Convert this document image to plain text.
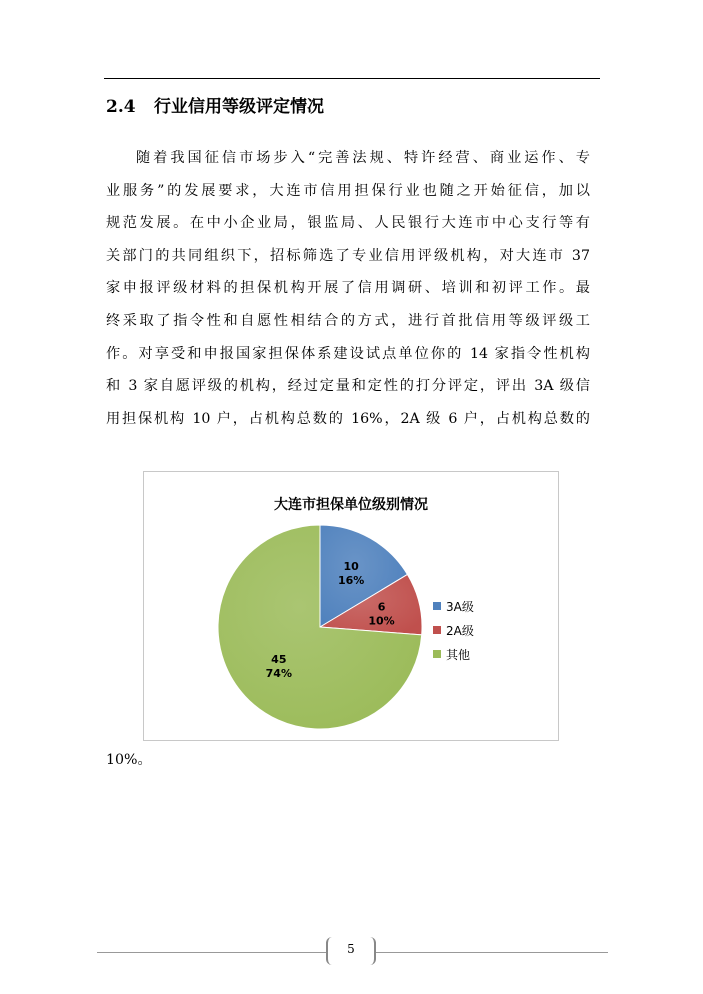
2.4 行业信用等级评定情况
随着我国征信市场步入“完善法规、特许经营、商业运作、专
业服务”的发展要求，大连市信用担保行业也随之开始征信，加以
规范发展。在中小企业局，银监局、人民银行大连市中心支行等有
关部门的共同组织下，招标筛选了专业信用评级机构，对大连市 37
家申报评级材料的担保机构开展了信用调研、培训和初评工作。最
终采取了指令性和自愿性相结合的方式，进行首批信用等级评级工
作。对享受和申报国家担保体系建设试点单位你的 14 家指令性机构
和 3 家自愿评级的机构，经过定量和定性的打分评定，评出 3A 级信
用担保机构 10 户，占机构总数的 16%，2A 级 6 户，占机构总数的
大连市担保单位级别情况
10
16%
6
10%
45
74%
3A级
2A级
其他
10%。
5
